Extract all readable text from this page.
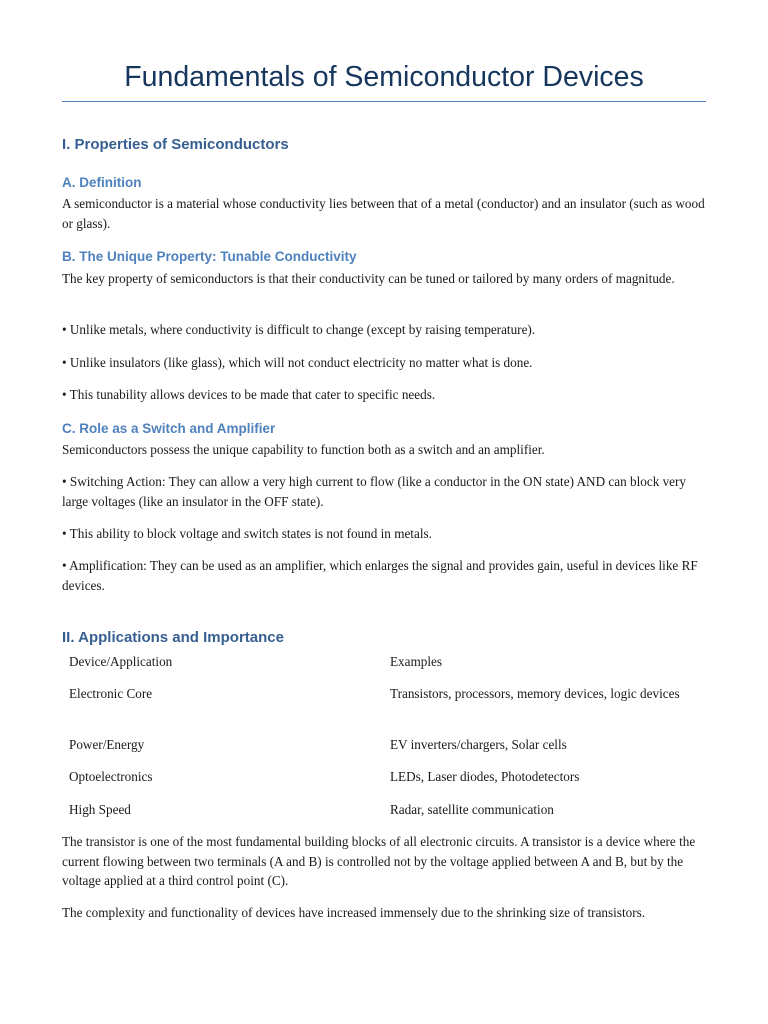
Fundamentals of Semiconductor Devices
I. Properties of Semiconductors
A. Definition

A semiconductor is a material whose conductivity lies between that of a metal (conductor) and an insulator (such as wood or glass).

B. The Unique Property: Tunable Conductivity

The key property of semiconductors is that their conductivity can be tuned or tailored by many orders of magnitude.

• Unlike metals, where conductivity is difficult to change (except by raising temperature).

• Unlike insulators (like glass), which will not conduct electricity no matter what is done.

• This tunability allows devices to be made that cater to specific needs.

C. Role as a Switch and Amplifier

Semiconductors possess the unique capability to function both as a switch and an amplifier.

• Switching Action: They can allow a very high current to flow (like a conductor in the ON state) AND can block very large voltages (like an insulator in the OFF state).

• This ability to block voltage and switch states is not found in metals.

• Amplification: They can be used as an amplifier, which enlarges the signal and provides gain, useful in devices like RF devices.

II. Applications and Importance

Device/Application	Examples

Electronic Core	Transistors, processors, memory devices, logic devices

Power/Energy	EV inverters/chargers, Solar cells

Optoelectronics	LEDs, Laser diodes, Photodetectors

High Speed	Radar, satellite communication

The transistor is one of the most fundamental building blocks of all electronic circuits. A transistor is a device where the current flowing between two terminals (A and B) is controlled not by the voltage applied between A and B, but by the voltage applied at a third control point (C).

The complexity and functionality of devices have increased immensely due to the shrinking size of transistors.
